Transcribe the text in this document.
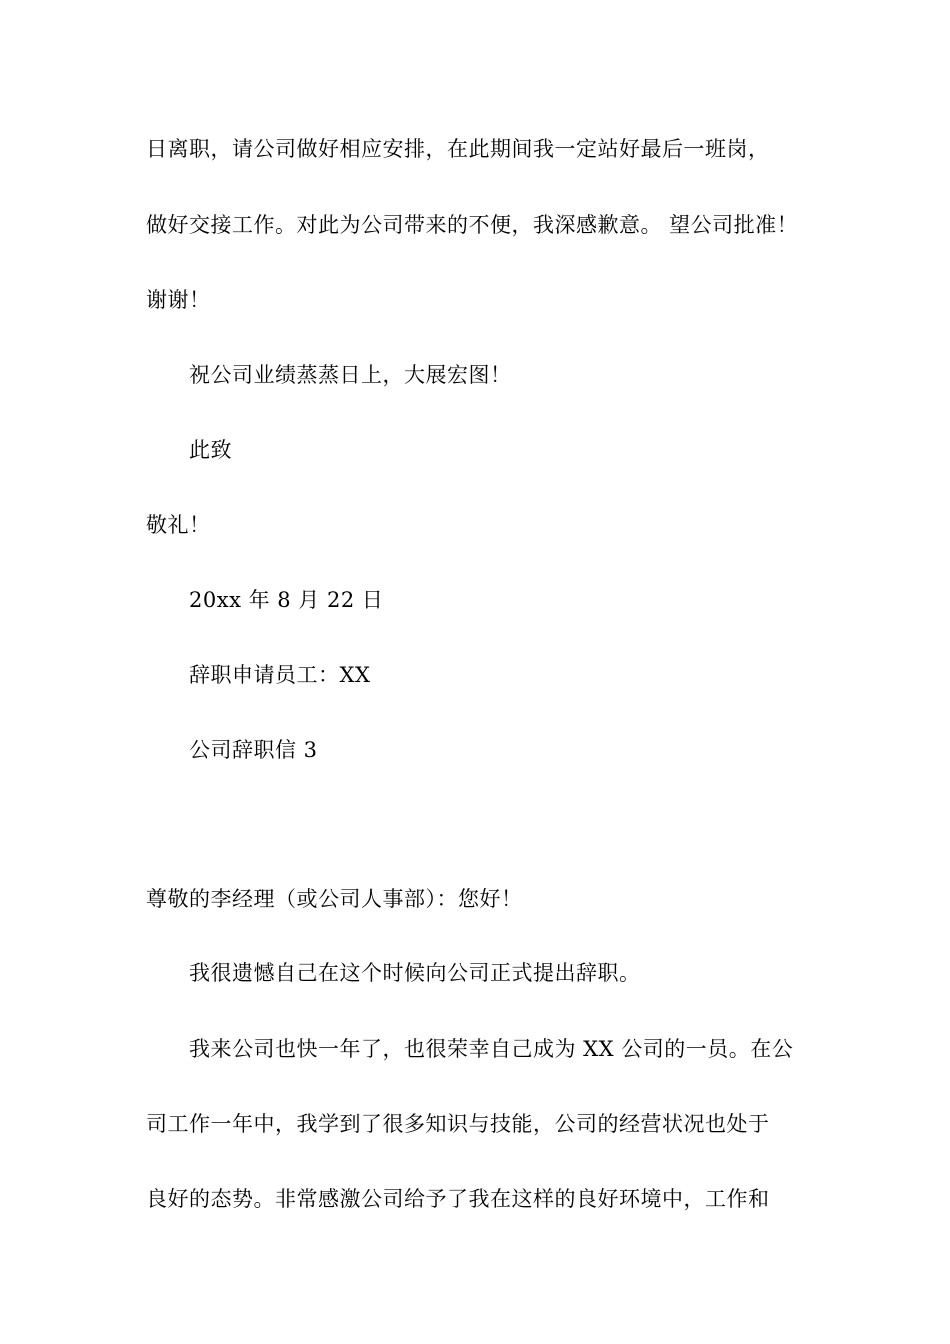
日离职，请公司做好相应安排，在此期间我一定站好最后一班岗，
做好交接工作。对此为公司带来的不便，我深感歉意。 望公司批准！
谢谢！
祝公司业绩蒸蒸日上，大展宏图！
此致
敬礼！
20xx 年 8 月 22 日
辞职申请员工：XX
公司辞职信 3
尊敬的李经理（或公司人事部）：您好！
我很遗憾自己在这个时候向公司正式提出辞职。
我来公司也快一年了，也很荣幸自己成为 XX 公司的一员。在公
司工作一年中，我学到了很多知识与技能，公司的经营状况也处于
良好的态势。非常感激公司给予了我在这样的良好环境中，工作和
